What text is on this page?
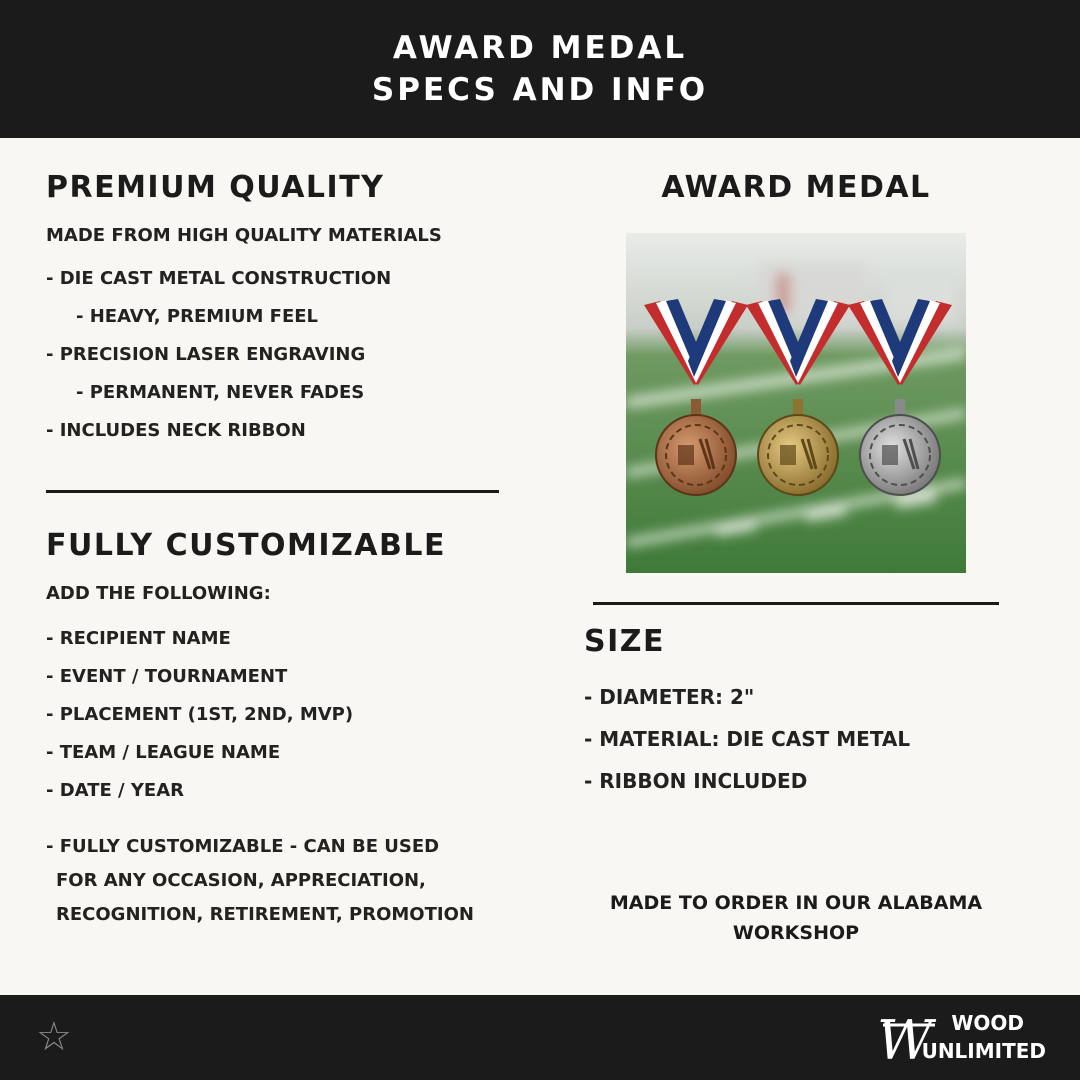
AWARD MEDAL
SPECS AND INFO
PREMIUM QUALITY
MADE FROM HIGH QUALITY MATERIALS
- DIE CAST METAL CONSTRUCTION
- HEAVY, PREMIUM FEEL
- PRECISION LASER ENGRAVING
- PERMANENT, NEVER FADES
- INCLUDES NECK RIBBON
FULLY CUSTOMIZABLE
ADD THE FOLLOWING:
- RECIPIENT NAME
- EVENT / TOURNAMENT
- PLACEMENT (1ST, 2ND, MVP)
- TEAM / LEAGUE NAME
- DATE / YEAR
- FULLY CUSTOMIZABLE - CAN BE USED
FOR ANY OCCASION, APPRECIATION,
RECOGNITION, RETIREMENT, PROMOTION
AWARD MEDAL
SIZE
- DIAMETER: 2"
- MATERIAL: DIE CAST METAL
- RIBBON INCLUDED
MADE TO ORDER IN OUR ALABAMA
WORKSHOP
☆	W WOOD
UNLIMITED
